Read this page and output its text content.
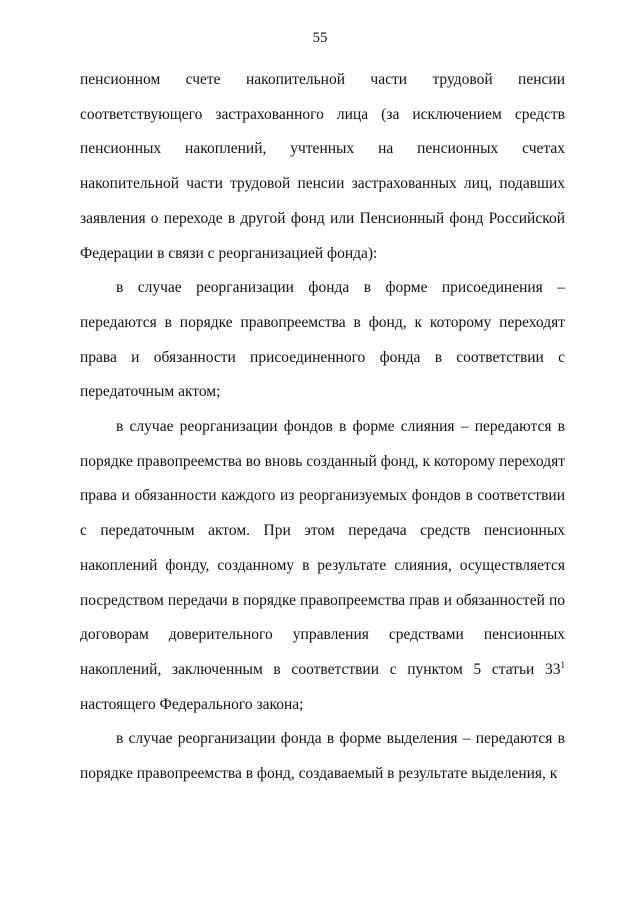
55

пенсионном счете накопительной части трудовой пенсии соответствующего застрахованного лица (за исключением средств пенсионных накоплений, учтенных на пенсионных счетах накопительной части трудовой пенсии застрахованных лиц, подавших заявления о переходе в другой фонд или Пенсионный фонд Российской Федерации в связи с реорганизацией фонда):

в случае реорганизации фонда в форме присоединения – передаются в порядке правопреемства в фонд, к которому переходят права и обязанности присоединенного фонда в соответствии с передаточным актом;

в случае реорганизации фондов в форме слияния – передаются в порядке правопреемства во вновь созданный фонд, к которому переходят права и обязанности каждого из реорганизуемых фондов в соответствии с передаточным актом. При этом передача средств пенсионных накоплений фонду, созданному в результате слияния, осуществляется посредством передачи в порядке правопреемства прав и обязанностей по договорам доверительного управления средствами пенсионных накоплений, заключенным в соответствии с пунктом 5 статьи $33^1$ настоящего Федерального закона;

в случае реорганизации фонда в форме выделения – передаются в порядке правопреемства в фонд, создаваемый в результате выделения, к
